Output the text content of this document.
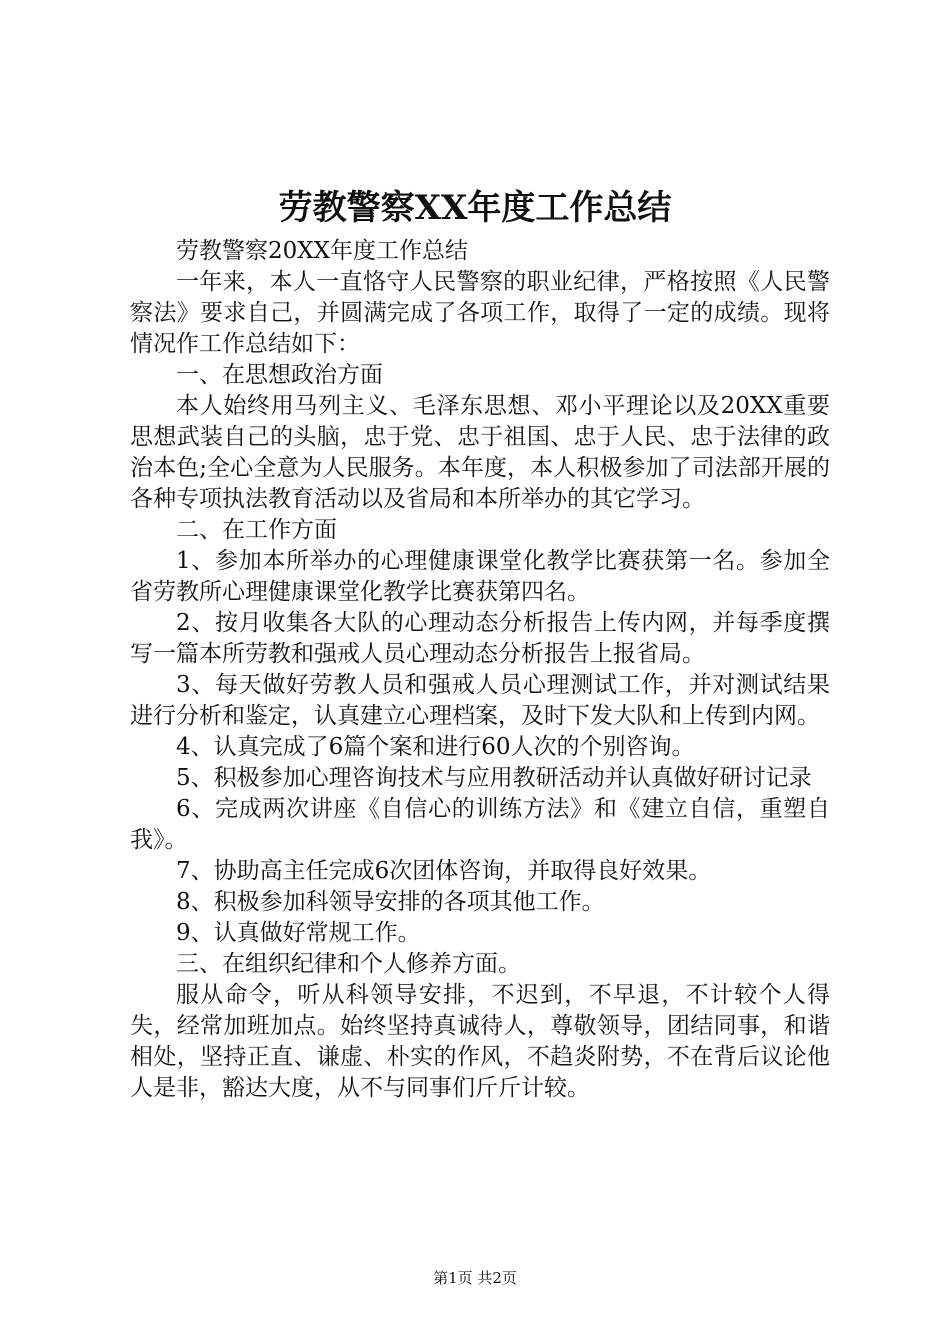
劳教警察XX年度工作总结

劳教警察20XX年度工作总结

一年来，本人一直恪守人民警察的职业纪律，严格按照《人民警察法》要求自己，并圆满完成了各项工作，取得了一定的成绩。现将情况作工作总结如下：

一、在思想政治方面

本人始终用马列主义、毛泽东思想、邓小平理论以及20XX重要思想武装自己的头脑，忠于党、忠于祖国、忠于人民、忠于法律的政治本色;全心全意为人民服务。本年度，本人积极参加了司法部开展的各种专项执法教育活动以及省局和本所举办的其它学习。

二、在工作方面

1、参加本所举办的心理健康课堂化教学比赛获第一名。参加全省劳教所心理健康课堂化教学比赛获第四名。

2、按月收集各大队的心理动态分析报告上传内网，并每季度撰写一篇本所劳教和强戒人员心理动态分析报告上报省局。

3、每天做好劳教人员和强戒人员心理测试工作，并对测试结果进行分析和鉴定，认真建立心理档案，及时下发大队和上传到内网。

4、认真完成了6篇个案和进行60人次的个别咨询。

5、积极参加心理咨询技术与应用教研活动并认真做好研讨记录

6、完成两次讲座《自信心的训练方法》和《建立自信，重塑自我》。

7、协助高主任完成6次团体咨询，并取得良好效果。

8、积极参加科领导安排的各项其他工作。

9、认真做好常规工作。

三、在组织纪律和个人修养方面。

服从命令，听从科领导安排，不迟到，不早退，不计较个人得失，经常加班加点。始终坚持真诚待人，尊敬领导，团结同事，和谐相处，坚持正直、谦虚、朴实的作风，不趋炎附势，不在背后议论他人是非，豁达大度，从不与同事们斤斤计较。

第1页 共2页
